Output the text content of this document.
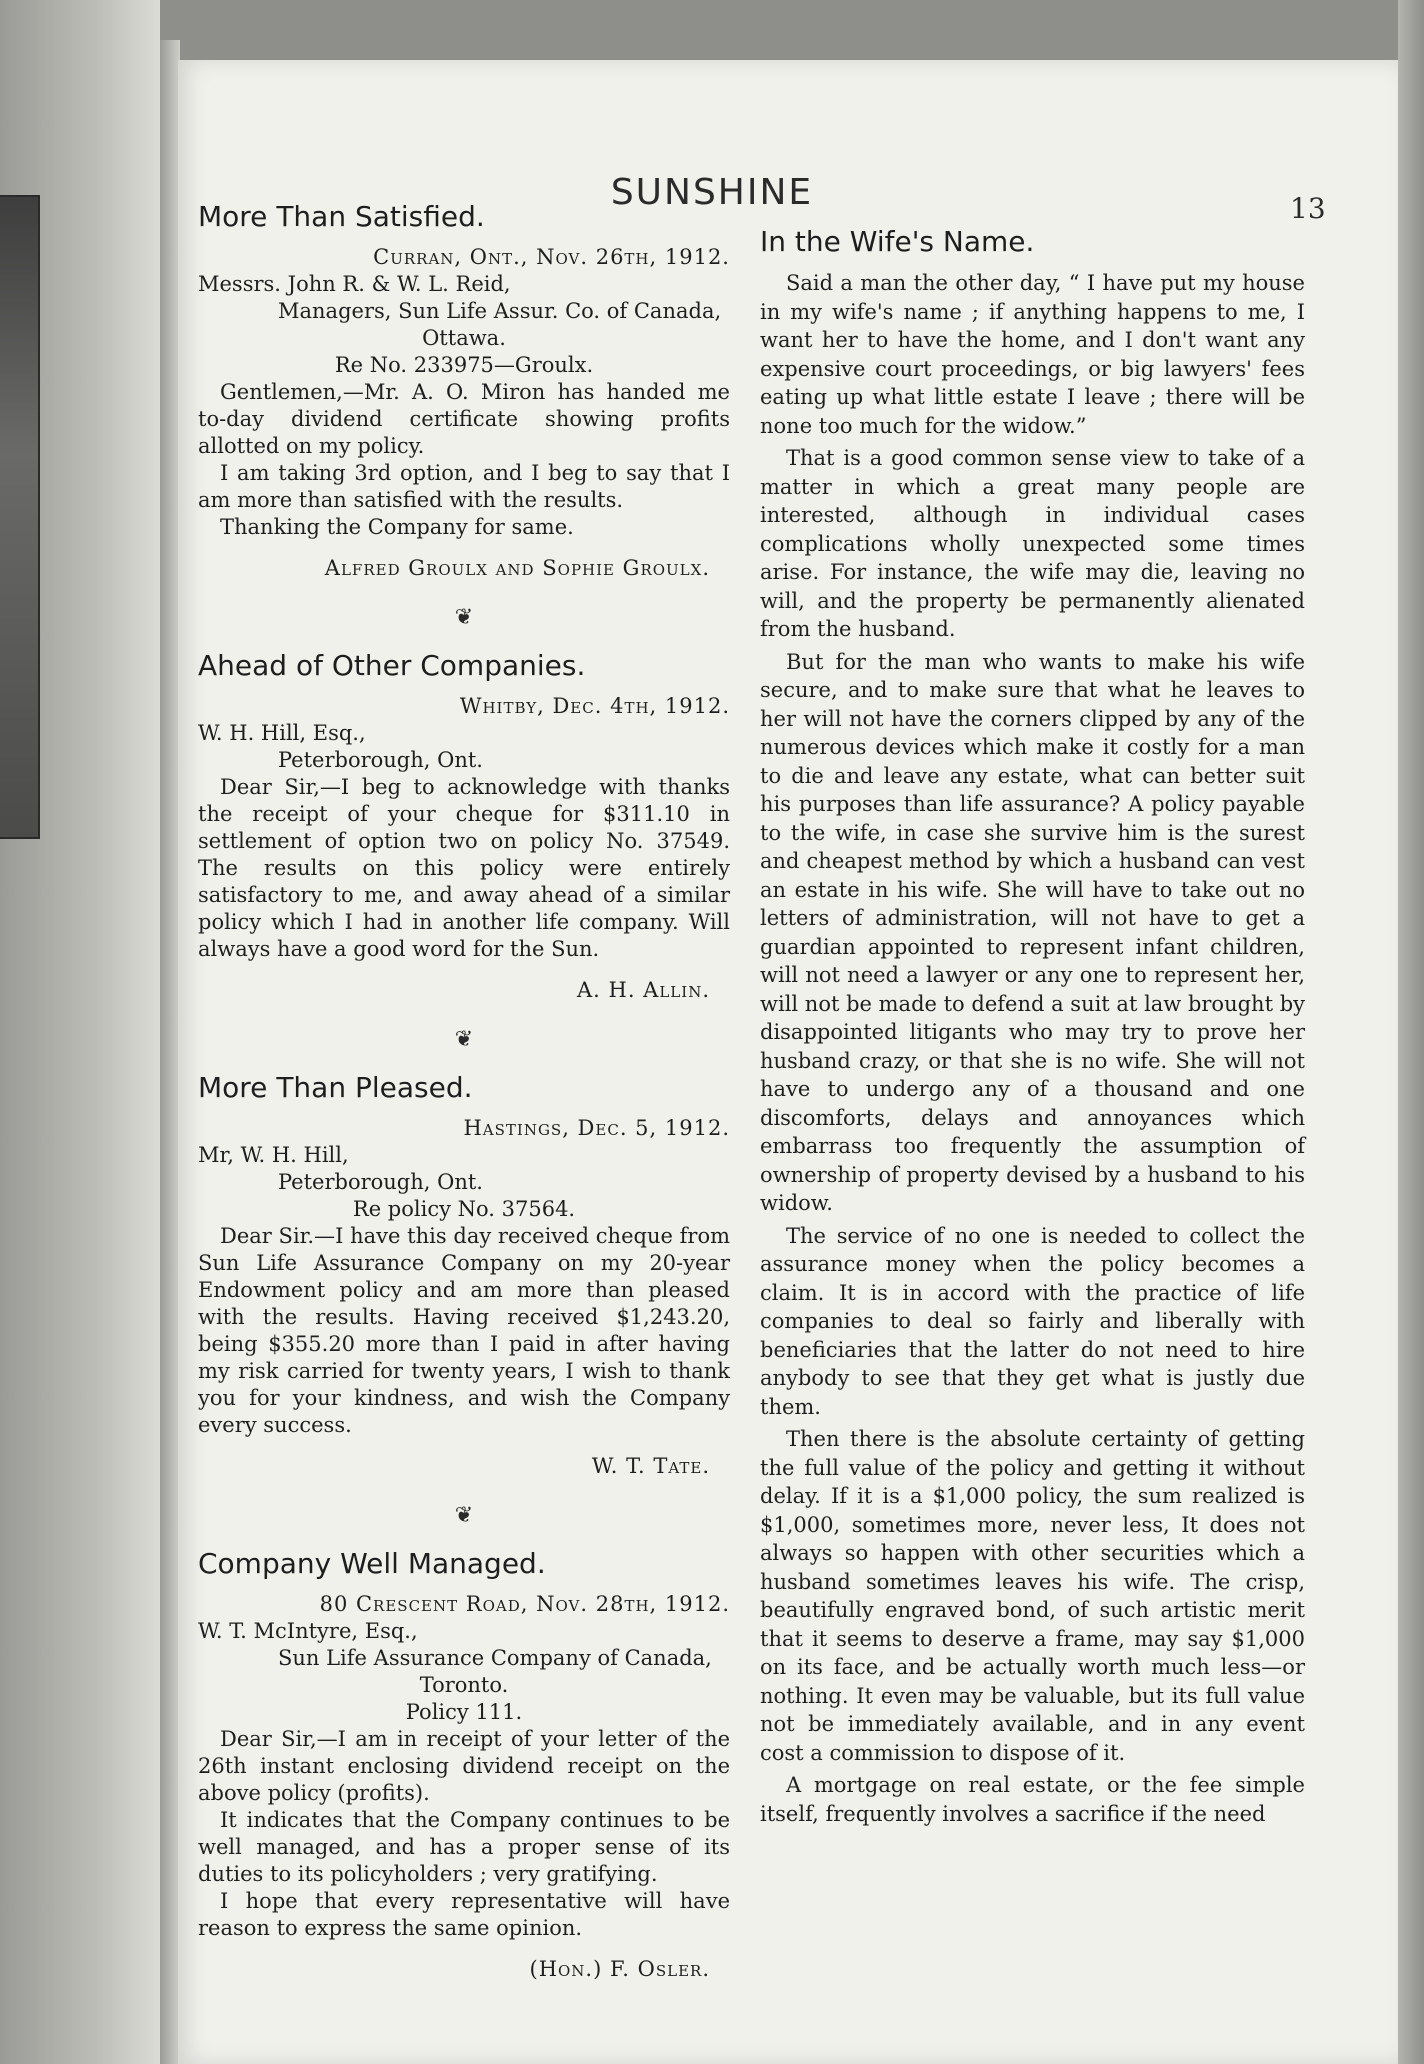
SUNSHINE	13
More Than Satisfied.

Curran, Ont., Nov. 26th, 1912.

Messrs. John R. & W. L. Reid,

Managers, Sun Life Assur. Co. of Canada,

Ottawa.

Re No. 233975—Groulx.

Gentlemen,—Mr. A. O. Miron has handed me to-day dividend certificate showing profits allotted on my policy.

I am taking 3rd option, and I beg to say that I am more than satisfied with the results.

Thanking the Company for same.

Alfred Groulx and Sophie Groulx.

❦
Ahead of Other Companies.

Whitby, Dec. 4th, 1912.

W. H. Hill, Esq.,

Peterborough, Ont.

Dear Sir,—I beg to acknowledge with thanks the receipt of your cheque for $311.10 in settlement of option two on policy No. 37549. The results on this policy were entirely satisfactory to me, and away ahead of a similar policy which I had in another life company. Will always have a good word for the Sun.

A. H. Allin.

❦
More Than Pleased.

Hastings, Dec. 5, 1912.

Mr, W. H. Hill,

Peterborough, Ont.

Re policy No. 37564.

Dear Sir.—I have this day received cheque from Sun Life Assurance Company on my 20-year Endowment policy and am more than pleased with the results. Having received $1,243.20, being $355.20 more than I paid in after having my risk carried for twenty years, I wish to thank you for your kindness, and wish the Company every success.

W. T. Tate.

❦
Company Well Managed.

80 Crescent Road, Nov. 28th, 1912.

W. T. McIntyre, Esq.,

Sun Life Assurance Company of Canada,

Toronto.

Policy 111.

Dear Sir,—I am in receipt of your letter of the 26th instant enclosing dividend receipt on the above policy (profits).

It indicates that the Company continues to be well managed, and has a proper sense of its duties to its policyholders ; very gratifying.

I hope that every representative will have reason to express the same opinion.

(Hon.) F. Osler.

In the Wife's Name.

Said a man the other day, “ I have put my house in my wife's name ; if anything happens to me, I want her to have the home, and I don't want any expensive court proceedings, or big lawyers' fees eating up what little estate I leave ; there will be none too much for the widow.”

That is a good common sense view to take of a matter in which a great many people are interested, although in individual cases complications wholly unexpected some times arise. For instance, the wife may die, leaving no will, and the property be permanently alienated from the husband.

But for the man who wants to make his wife secure, and to make sure that what he leaves to her will not have the corners clipped by any of the numerous devices which make it costly for a man to die and leave any estate, what can better suit his purposes than life assurance? A policy payable to the wife, in case she survive him is the surest and cheapest method by which a husband can vest an estate in his wife. She will have to take out no letters of administration, will not have to get a guardian appointed to represent infant children, will not need a lawyer or any one to represent her, will not be made to defend a suit at law brought by disappointed litigants who may try to prove her husband crazy, or that she is no wife. She will not have to undergo any of a thousand and one discomforts, delays and annoyances which embarrass too frequently the assumption of ownership of property devised by a husband to his widow.

The service of no one is needed to collect the assurance money when the policy becomes a claim. It is in accord with the practice of life companies to deal so fairly and liberally with beneficiaries that the latter do not need to hire anybody to see that they get what is justly due them.

Then there is the absolute certainty of getting the full value of the policy and getting it without delay. If it is a $1,000 policy, the sum realized is $1,000, sometimes more, never less, It does not always so happen with other securities which a husband sometimes leaves his wife. The crisp, beautifully engraved bond, of such artistic merit that it seems to deserve a frame, may say $1,000 on its face, and be actually worth much less—or nothing. It even may be valuable, but its full value not be immediately available, and in any event cost a commission to dispose of it.

A mortgage on real estate, or the fee simple itself, frequently involves a sacrifice if the need
